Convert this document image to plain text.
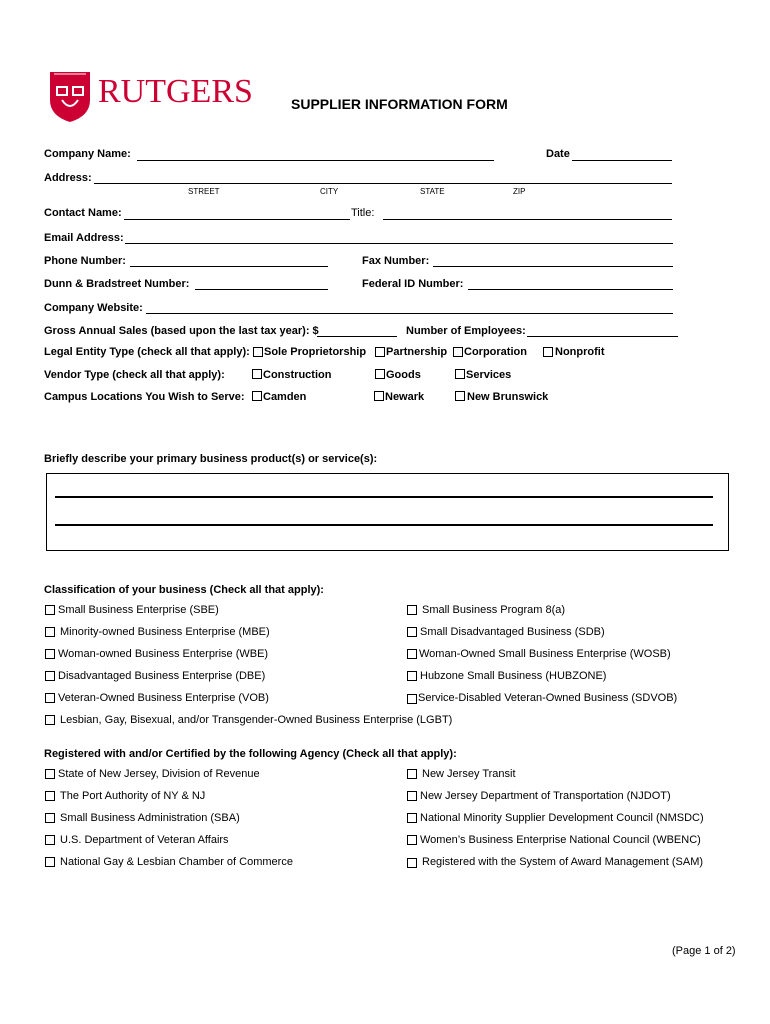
RUTGERS	SUPPLIER INFORMATION FORM
Company Name:	Date
Address:
STREET	CITY	STATE	ZIP
Contact Name:	Title:
Email Address:
Phone Number:	Fax Number:
Dunn & Bradstreet Number:	Federal ID Number:
Company Website:
Gross Annual Sales (based upon the last tax year): $	Number of Employees:
Legal Entity Type (check all that apply): Sole Proprietorship Partnership Corporation	Nonprofit
Vendor Type (check all that apply):	Construction	Goods	Services
Campus Locations You Wish to Serve: Camden	Newark	New Brunswick
Briefly describe your primary business product(s) or service(s):
Classification of your business (Check all that apply):
Small Business Enterprise (SBE)
Minority-owned Business Enterprise (MBE)
Woman-owned Business Enterprise (WBE)
Disadvantaged Business Enterprise (DBE)
Veteran-Owned Business Enterprise (VOB)
Lesbian, Gay, Bisexual, and/or Transgender-Owned Business Enterprise (LGBT)
Small Business Program 8(a)
Small Disadvantaged Business (SDB)
Woman-Owned Small Business Enterprise (WOSB)
Hubzone Small Business (HUBZONE)
Service-Disabled Veteran-Owned Business (SDVOB)
Registered with and/or Certified by the following Agency (Check all that apply):
State of New Jersey, Division of Revenue
The Port Authority of NY & NJ
Small Business Administration (SBA)
U.S. Department of Veteran Affairs
National Gay & Lesbian Chamber of Commerce
New Jersey Transit
New Jersey Department of Transportation (NJDOT)
National Minority Supplier Development Council (NMSDC)
Women’s Business Enterprise National Council (WBENC)
Registered with the System of Award Management (SAM)
(Page 1 of 2)
